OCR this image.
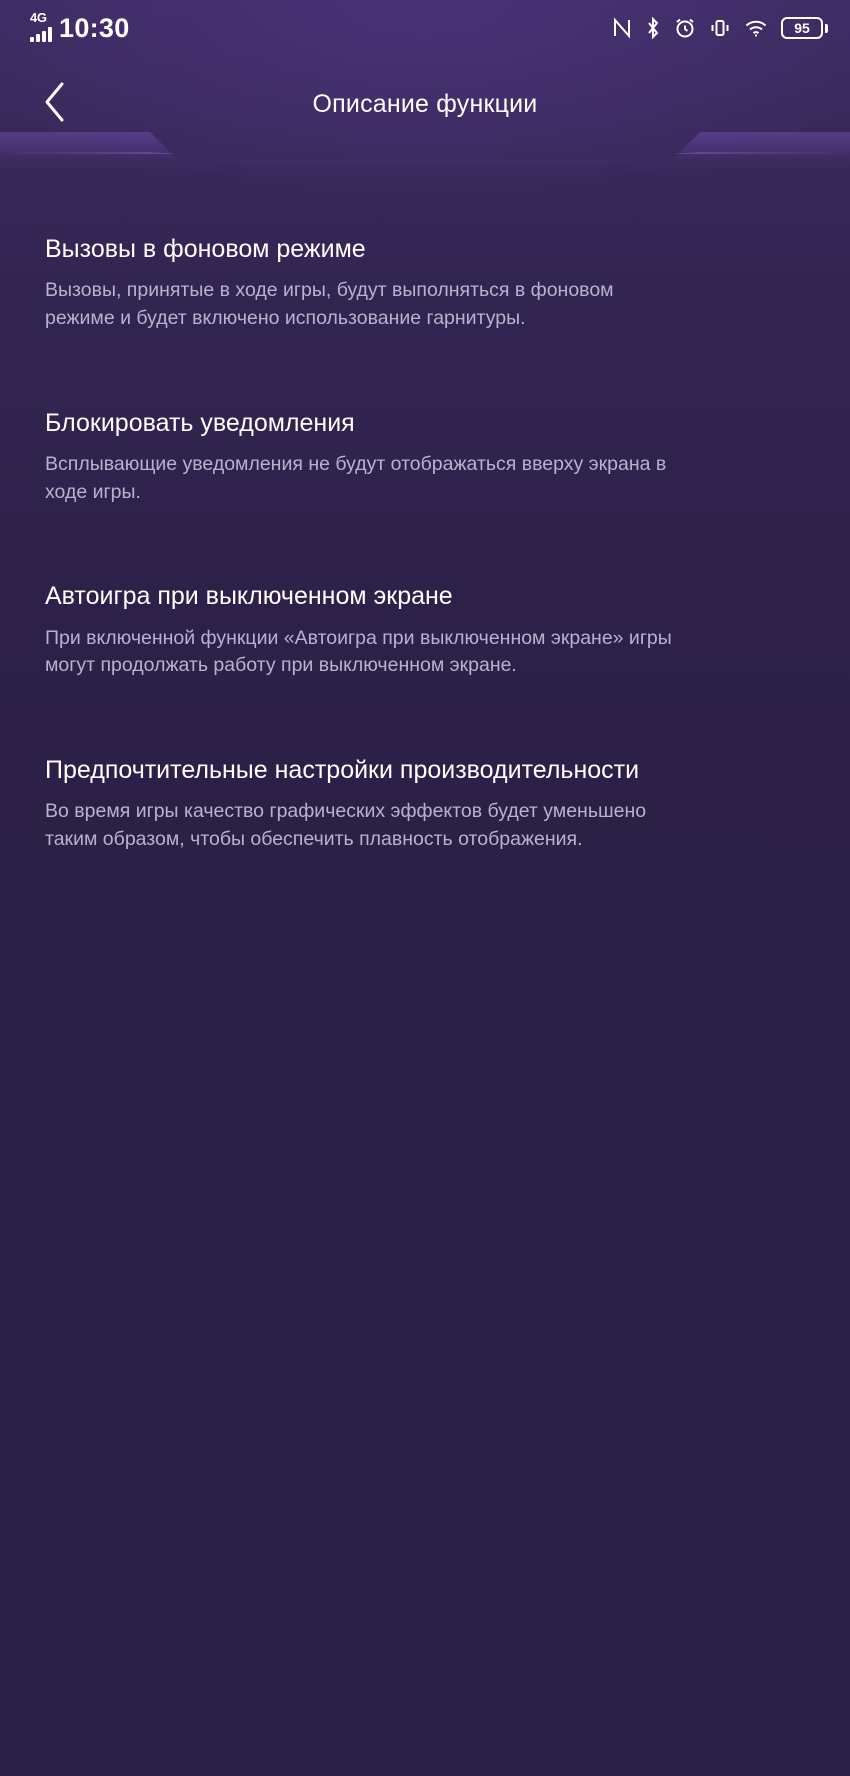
4G 10:30	95
Описание функции
Вызовы в фоновом режиме

Вызовы, принятые в ходе игры, будут выполняться в фоновом режиме и будет включено использование гарнитуры.

Блокировать уведомления

Всплывающие уведомления не будут отображаться вверху экрана в ходе игры.

Автоигра при выключенном экране

При включенной функции «Автоигра при выключенном экране» игры могут продолжать работу при выключенном экране.

Предпочтительные настройки производительности

Во время игры качество графических эффектов будет уменьшено таким образом, чтобы обеспечить плавность отображения.
